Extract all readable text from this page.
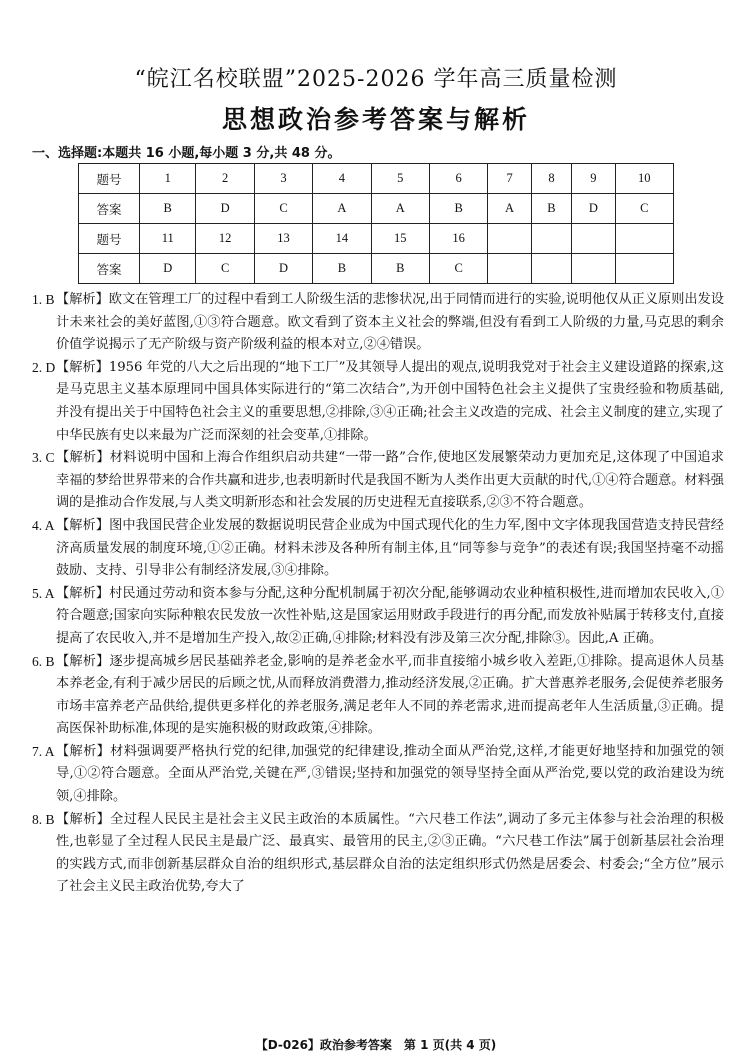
“皖江名校联盟”2025-2026 学年高三质量检测
思想政治参考答案与解析
一、选择题:本题共 16 小题,每小题 3 分,共 48 分。
题号	1	2	3	4	5	6	7	8	9	10
答案	B	D	C	A	A	B	A	B	D	C
题号	11	12	13	14	15	16				
答案	D	C	D	B	B	C				

1. B 【解析】欧文在管理工厂的过程中看到工人阶级生活的悲惨状况,出于同情而进行的实验,说明他仅从正义原则出发设计未来社会的美好蓝图,①③符合题意。欧文看到了资本主义社会的弊端,但没有看到工人阶级的力量,马克思的剩余价值学说揭示了无产阶级与资产阶级利益的根本对立,②④错误。

2. D 【解析】1956 年党的八大之后出现的“地下工厂”及其领导人提出的观点,说明我党对于社会主义建设道路的探索,这是马克思主义基本原理同中国具体实际进行的“第二次结合”,为开创中国特色社会主义提供了宝贵经验和物质基础,并没有提出关于中国特色社会主义的重要思想,②排除,③④正确;社会主义改造的完成、社会主义制度的建立,实现了中华民族有史以来最为广泛而深刻的社会变革,①排除。

3. C 【解析】材料说明中国和上海合作组织启动共建“一带一路”合作,使地区发展繁荣动力更加充足,这体现了中国追求幸福的梦给世界带来的合作共赢和进步,也表明新时代是我国不断为人类作出更大贡献的时代,①④符合题意。材料强调的是推动合作发展,与人类文明新形态和社会发展的历史进程无直接联系,②③不符合题意。

4. A 【解析】图中我国民营企业发展的数据说明民营企业成为中国式现代化的生力军,图中文字体现我国营造支持民营经济高质量发展的制度环境,①②正确。材料未涉及各种所有制主体,且“同等参与竞争”的表述有误;我国坚持毫不动摇鼓励、支持、引导非公有制经济发展,③④排除。

5. A 【解析】村民通过劳动和资本参与分配,这种分配机制属于初次分配,能够调动农业种植积极性,进而增加农民收入,①符合题意;国家向实际种粮农民发放一次性补贴,这是国家运用财政手段进行的再分配,而发放补贴属于转移支付,直接提高了农民收入,并不是增加生产投入,故②正确,④排除;材料没有涉及第三次分配,排除③。因此,A 正确。

6. B 【解析】逐步提高城乡居民基础养老金,影响的是养老金水平,而非直接缩小城乡收入差距,①排除。提高退休人员基本养老金,有利于减少居民的后顾之忧,从而释放消费潜力,推动经济发展,②正确。扩大普惠养老服务,会促使养老服务市场丰富养老产品供给,提供更多样化的养老服务,满足老年人不同的养老需求,进而提高老年人生活质量,③正确。提高医保补助标准,体现的是实施积极的财政政策,④排除。

7. A 【解析】材料强调要严格执行党的纪律,加强党的纪律建设,推动全面从严治党,这样,才能更好地坚持和加强党的领导,①②符合题意。全面从严治党,关键在严,③错误;坚持和加强党的领导坚持全面从严治党,要以党的政治建设为统领,④排除。

8. B 【解析】全过程人民民主是社会主义民主政治的本质属性。“六尺巷工作法”,调动了多元主体参与社会治理的积极性,也彰显了全过程人民民主是最广泛、最真实、最管用的民主,②③正确。“六尺巷工作法”属于创新基层社会治理的实践方式,而非创新基层群众自治的组织形式,基层群众自治的法定组织形式仍然是居委会、村委会;“全方位”展示了社会主义民主政治优势,夸大了

【D-026】政治参考答案　第 1 页(共 4 页)
